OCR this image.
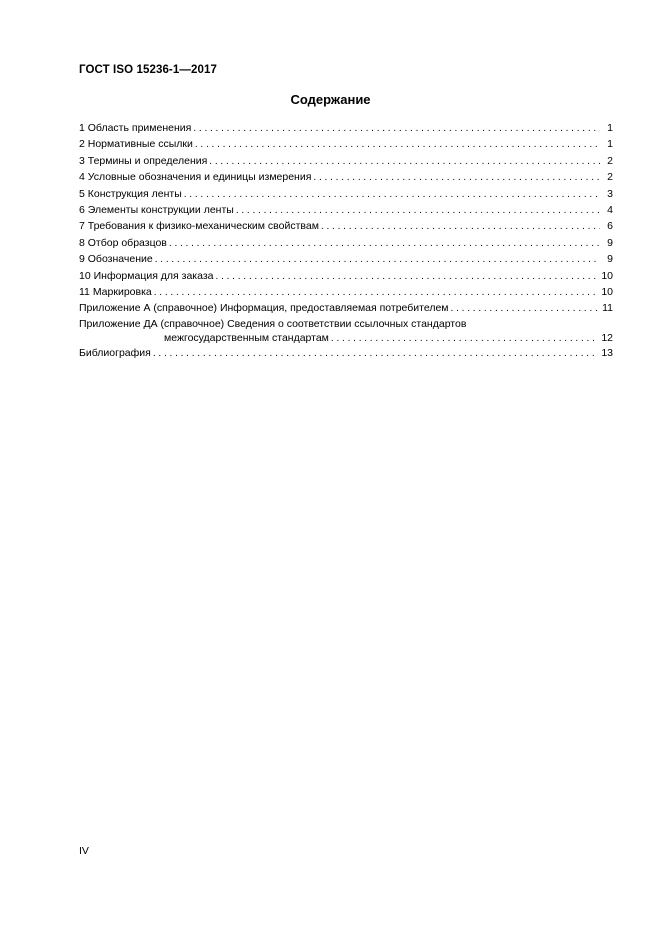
ГОСТ ISO 15236-1—2017
Содержание
1 Область применения . . .	1
2 Нормативные ссылки . . .	1
3 Термины и определения . . .	2
4 Условные обозначения и единицы измерения . . .	2
5 Конструкция ленты . . .	3
6 Элементы конструкции ленты . . .	4
7 Требования к физико-механическим свойствам . . .	6
8 Отбор образцов . . .	9
9 Обозначение . . .	9
10 Информация для заказа . . .	10
11 Маркировка . . .	10
Приложение А (справочное) Информация, предоставляемая потребителем . . .	11
Приложение ДА (справочное) Сведения о соответствии ссылочных стандартов
межгосударственным стандартам . . .	12
Библиография . . .	13
IV
